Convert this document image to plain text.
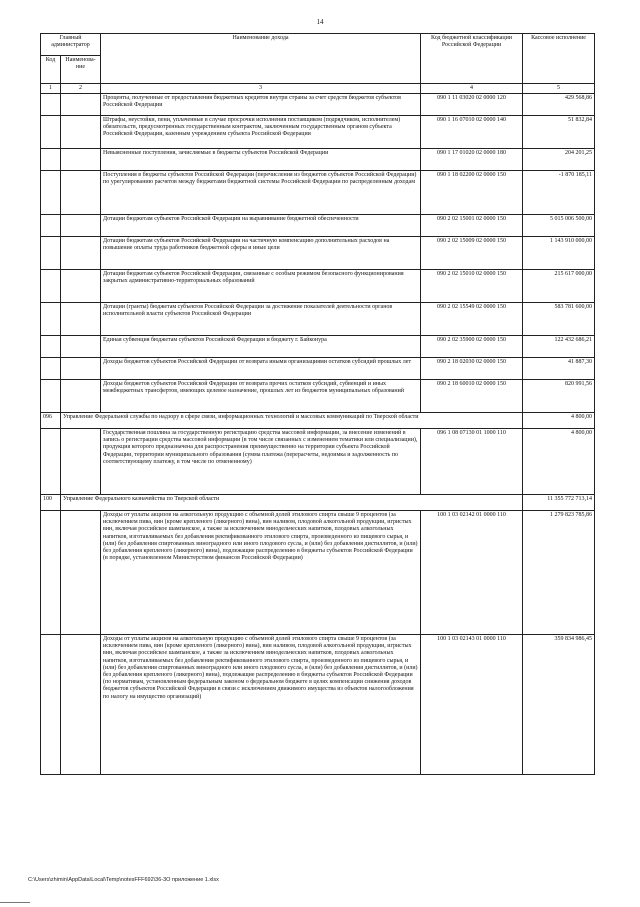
14
Главный администратор		Наименование дохода	Код бюджетной классификации Российской Федерации	Кассовое исполнение
Код	Наименова-ние			
1	2	3	4	5
		Проценты, полученные от предоставления бюджетных кредитов внутри страны за счет средств бюджетов субъектов Российской Федерации	090 1 11 03020 02 0000 120	429 568,86
		Штрафы, неустойки, пени, уплаченные в случае просрочки исполнения поставщиком (подрядчиком, исполнителем) обязательств, предусмотренных государственным контрактом, заключенным государственным органом субъекта Российской Федерации, казенным учреждением субъекта Российской Федерации	090 1 16 07010 02 0000 140	51 832,84
		Невыясненные поступления, зачисляемые в бюджеты субъектов Российской Федерации	090 1 17 01020 02 0000 180	204 201,25
		Поступления в бюджеты субъектов Российской Федерации (перечисления из бюджетов субъектов Российской Федерации) по урегулированию расчетов между бюджетами бюджетной системы Российской Федерации по распределенным доходам	090 1 18 02200 02 0000 150	-1 870 185,11
		Дотации бюджетам субъектов Российской Федерации на выравнивание бюджетной обеспеченности	090 2 02 15001 02 0000 150	5 015 006 500,00
		Дотации бюджетам субъектов Российской Федерации на частичную компенсацию дополнительных расходов на повышение оплаты труда работников бюджетной сферы и иные цели	090 2 02 15009 02 0000 150	1 143 910 000,00
		Дотации бюджетам субъектов Российской Федерации, связанные с особым режимом безопасного функционирования закрытых административно-территориальных образований	090 2 02 15010 02 0000 150	215 617 000,00
		Дотации (гранты) бюджетам субъектов Российской Федерации за достижение показателей деятельности органов исполнительной власти субъектов Российской Федерации	090 2 02 15549 02 0000 150	583 781 600,00
		Единая субвенция бюджетам субъектов Российской Федерации и бюджету г. Байконура	090 2 02 35900 02 0000 150	122 432 686,21
		Доходы бюджетов субъектов Российской Федерации от возврата иными организациями остатков субсидий прошлых лет	090 2 18 02030 02 0000 150	41 887,30
		Доходы бюджетов субъектов Российской Федерации от возврата прочих остатков субсидий, субвенций и иных межбюджетных трансфертов, имеющих целевое назначение, прошлых лет из бюджетов муниципальных образований	090 2 18 60010 02 0000 150	820 991,56
096	Управление Федеральной службы по надзору в сфере связи, информационных технологий и массовых коммуникаций по Тверской области			4 800,00
		Государственная пошлина за государственную регистрацию средства массовой информации, за внесение изменений в запись о регистрации средства массовой информации (в том числе связанных с изменением тематики или специализации), продукция которого предназначена для распространения преимущественно на территории субъекта Российской Федерации, территории муниципального образования (сумма платежа (перерасчеты, недоимка и задолженность по соответствующему платежу, в том числе по отмененному)	096 1 08 07130 01 1000 110	4 800,00
100	Управление Федерального казначейства по Тверской области			11 355 772 713,14
		Доходы от уплаты акцизов на алкогольную продукцию с объемной долей этилового спирта свыше 9 процентов (за исключением пива, вин (кроме крепленого (ликерного) вина), вин наливом, плодовой алкогольной продукции, игристых вин, включая российское шампанское, а также за исключением винодельческих напитков, плодовых алкогольных напитков, изготавливаемых без добавления ректификованного этилового спирта, произведенного из пищевого сырья, и (или) без добавления спиртованных виноградного или иного плодового сусла, и (или) без добавления дистиллятов, и (или) без добавления крепленого (ликерного) вина), подлежащие распределению в бюджеты субъектов Российской Федерации (в порядке, установленном Министерством финансов Российской Федерации)	100 1 03 02142 01 0000 110	1 279 823 785,86
		Доходы от уплаты акцизов на алкогольную продукцию с объемной долей этилового спирта свыше 9 процентов (за исключением пива, вин (кроме крепленого (ликерного) вина), вин наливом, плодовой алкогольной продукции, игристых вин, включая российское шампанское, а также за исключением винодельческих напитков, плодовых алкогольных напитков, изготавливаемых без добавления ректификованного этилового спирта, произведенного из пищевого сырья, и (или) без добавления спиртованных виноградного или иного плодового сусла, и (или) без добавления дистиллятов, и (или) без добавления крепленого (ликерного) вина), подлежащие распределению в бюджеты субъектов Российской Федерации (по нормативам, установленным федеральным законом о федеральном бюджете в целях компенсации снижения доходов бюджетов субъектов Российской Федерации в связи с исключением движимого имущества из объектов налогообложения по налогу на имущество организаций)	100 1 03 02143 01 0000 110	359 834 986,45
C:\Users\zhimin\AppData\Local\Temp\notesFFF692\36-3О приложение 1.xlsx
